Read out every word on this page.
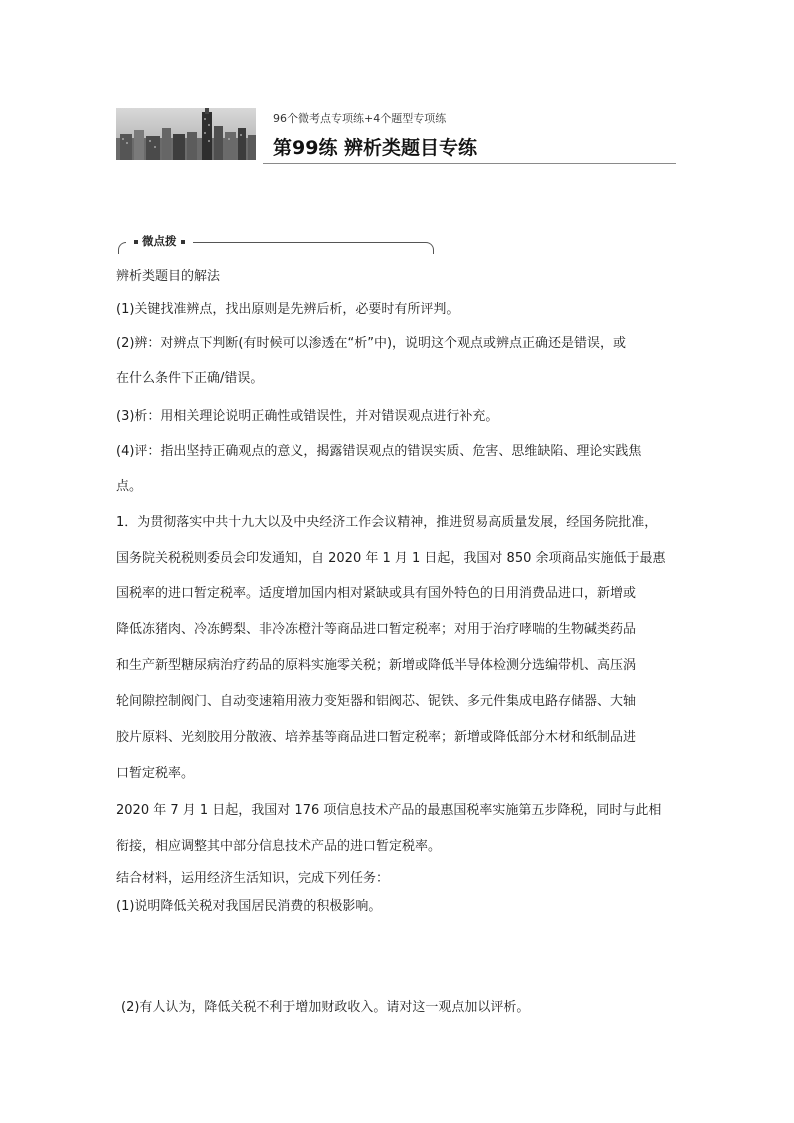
96个微考点专项练+4个题型专项练
第99练 辨析类题目专练
微点拨
辨析类题目的解法
(1)关键找准辨点，找出原则是先辨后析，必要时有所评判。
(2)辨：对辨点下判断(有时候可以渗透在“析”中)，说明这个观点或辨点正确还是错误，或
在什么条件下正确/错误。
(3)析：用相关理论说明正确性或错误性，并对错误观点进行补充。
(4)评：指出坚持正确观点的意义，揭露错误观点的错误实质、危害、思维缺陷、理论实践焦
点。
1．为贯彻落实中共十九大以及中央经济工作会议精神，推进贸易高质量发展，经国务院批准，
国务院关税税则委员会印发通知，自 2020 年 1 月 1 日起，我国对 850 余项商品实施低于最惠
国税率的进口暂定税率。适度增加国内相对紧缺或具有国外特色的日用消费品进口，新增或
降低冻猪肉、冷冻鳄梨、非冷冻橙汁等商品进口暂定税率；对用于治疗哮喘的生物碱类药品
和生产新型糖尿病治疗药品的原料实施零关税；新增或降低半导体检测分选编带机、高压涡
轮间隙控制阀门、自动变速箱用液力变矩器和铝阀芯、铌铁、多元件集成电路存储器、大轴
胶片原料、光刻胶用分散液、培养基等商品进口暂定税率；新增或降低部分木材和纸制品进
口暂定税率。
2020 年 7 月 1 日起，我国对 176 项信息技术产品的最惠国税率实施第五步降税，同时与此相
衔接，相应调整其中部分信息技术产品的进口暂定税率。
结合材料，运用经济生活知识，完成下列任务：
(1)说明降低关税对我国居民消费的积极影响。
(2)有人认为，降低关税不利于增加财政收入。请对这一观点加以评析。
